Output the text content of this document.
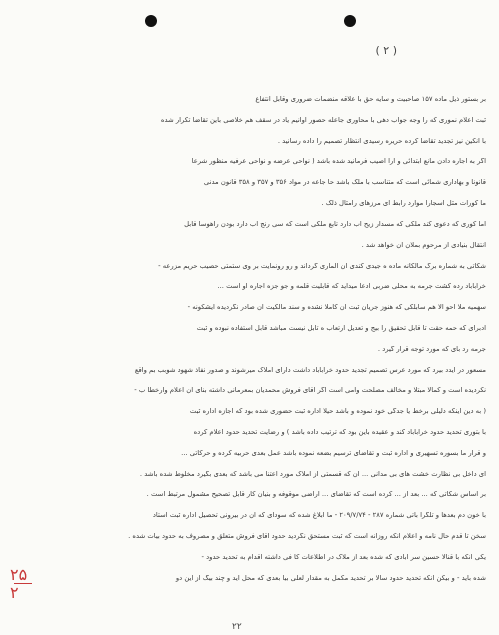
( ۲ )

بر بستور ذیل ماده ۱۵۷ صاحبیت و سایه حق با علاقه منضمات ضروری وقابل انتفاع

ثبت اعلام نموری که را وجه جواب دهی با محاوری جاعله حصور اوانیم یاد در سقف هم خلاصی باین تقاضا تکرار شده

با آنکین نیز تجدید تقاضا کرده حریره رسیدی انتظار تصمیم را داده رسانید .

اگر به اجاره دادن مانع ابتدائی و آرا اصیب فرمانید شده باشد ( نواحی عرضه و نواحی عرفیه منظور شرعا

قانونا و بهاداری شمائی است که متناسب با ملک باشد حا جاعه در مواد ۳۵۶ و ۳۵۷ و ۳۵۸ قانون مدنی

ما کورات مثل اسجارا موارد رابط ای مرزهای رامثال ذلک .

اما کوری که دعوی کند ملکی که مسدار زیح آب دارد تابع ملکی است که سی رنج آب دارد بودن راهوسا قابل

انتقال بنیادی از مرحوم بملان آن خواهد شد .

شکاتی به شماره برگ مالکانه ماده ه جیدی کندی آن الماری گرداند و رو رونمایت بر وی ستمتی حصیب حریم مزرعه -

خرابآباد رده کشت جرمه به محلی ضربی ادعا میداید که قابلیت قلمه و جو جزه اجاره او است ...

سهمیه ملا احو الا هم سابلکی که هنوز جریان ثبت آن کاملا نشده و سند مالکیت آن صادر نگردیده ایشکونه -

ادبرای که حمه حقت تا قابل تحقیق را بیج و تعدیل ارتعاب ه تابل نیست مباشد قابل استفاده نبوده و ثبت

جرمه رد بای که مورد توجه قرار گیرد .

مسعور در ایدد بیرد که مورد عرس تصمیم تجدید حدود خرابآباد داشت دارای املاک میرشوند و صدور نفاذ شهود شوبب بم واقع

نکردیده است و کمالاً مبتلا و مخالف مصلحت وامی است اگر آقای فروش محمدیان بمعرمانی داشته بنای آن اعلام وارخطا ب -

( به دین اینکه دلیلی برخط یا جدگی خود نموده و باشد حیلا اداره ثبت حضوری شده بود که اجازه اداره ثبت

با بتوری تحدید حدود خرابآباد کند و عقیده باین بود که ترتیب داده باشد ) و رضایت تحدید حدود اعلام کرده

و قرار ما بسوره تسهیری و اداره ثبت و تقاضای ترسیم بضعه نموده باشد عمل بعدی حربیه کرده و حرکاتی ...

ای داخل بی نظارت خشت های بی مدانی ... آن که قسمتی از املاک مورد اعتنا می باشد که بعدی بگیرد مخلوط شده باشد .

بر اساس شکاتی که ... بعد از ... کرده است که تقاضای ... اراضی موقوفه و بنیان کار قابل تصحیح مشمول مرتبط است .

با خون دم بعدها و تلگرا باتی شماره ۲۸۷ - ۲۰۹/۷/۷۴ - ما ابلاغ شده که سودای که آن در بیرونی تحصیل اداره ثبت استاد

سخن تا قدم حال نامه و اعلام آنکه روزانه است که ثبت مستحق نگردید حدود آقای فروش متعلق و مصروف به حدود بیات شده .

یکی آنکه با قنالا حسین سر آبادی که شده بعد از ملاک در اطلاعات کا فی داشته اقدام به تحدید حدود -

شده باید - و بیکن آنکه تحدید حدود سالا بر تحدید مکمل به مقدار لعلی بیا بعدی که محل آید و چند بیگ از این دو

۲۵
۲
۲۲
